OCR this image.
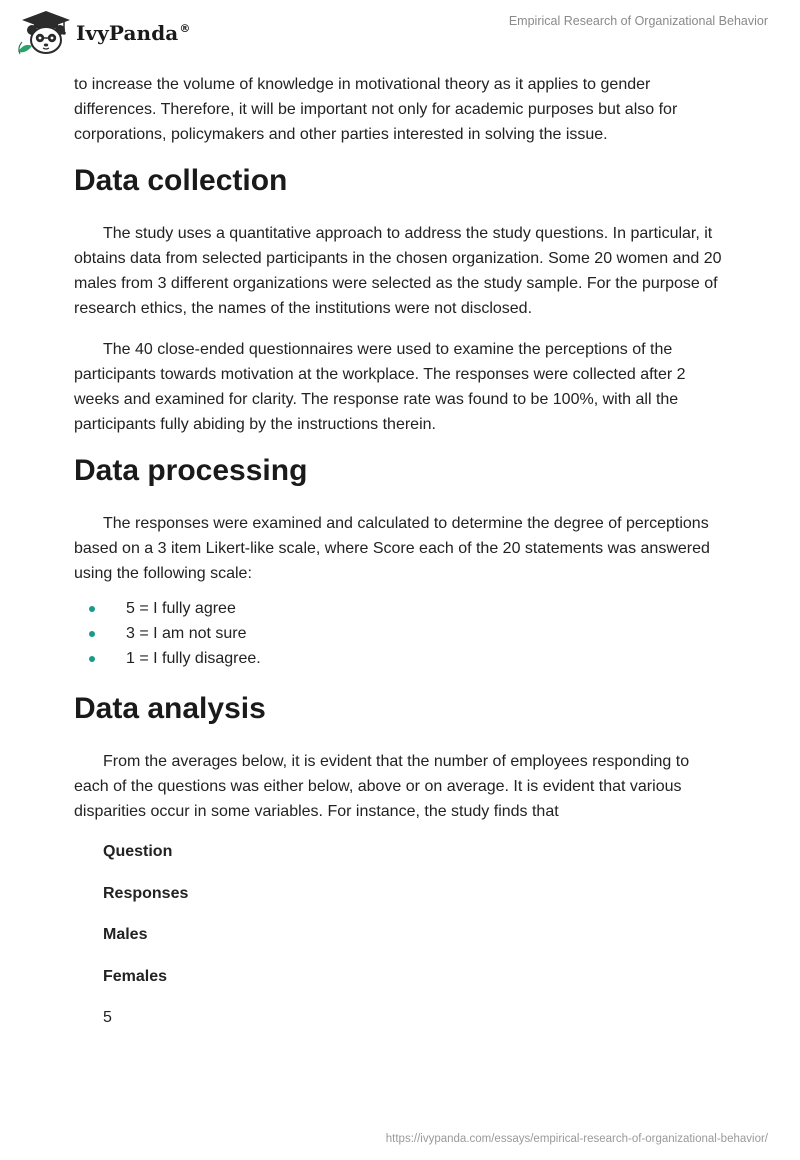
IvyPanda®
Empirical Research of Organizational Behavior

to increase the volume of knowledge in motivational theory as it applies to gender differences. Therefore, it will be important not only for academic purposes but also for corporations, policymakers and other parties interested in solving the issue.

Data collection

The study uses a quantitative approach to address the study questions. In particular, it obtains data from selected participants in the chosen organization. Some 20 women and 20 males from 3 different organizations were selected as the study sample. For the purpose of research ethics, the names of the institutions were not disclosed.

The 40 close-ended questionnaires were used to examine the perceptions of the participants towards motivation at the workplace. The responses were collected after 2 weeks and examined for clarity. The response rate was found to be 100%, with all the participants fully abiding by the instructions therein.

Data processing

The responses were examined and calculated to determine the degree of perceptions based on a 3 item Likert-like scale, where Score each of the 20 statements was answered using the following scale:

5 = I fully agree
3 = I am not sure
1 = I fully disagree.
Data analysis

From the averages below, it is evident that the number of employees responding to each of the questions was either below, above or on average. It is evident that various disparities occur in some variables. For instance, the study finds that

Question
Responses
Males
Females
5
https://ivypanda.com/essays/empirical-research-of-organizational-behavior/
